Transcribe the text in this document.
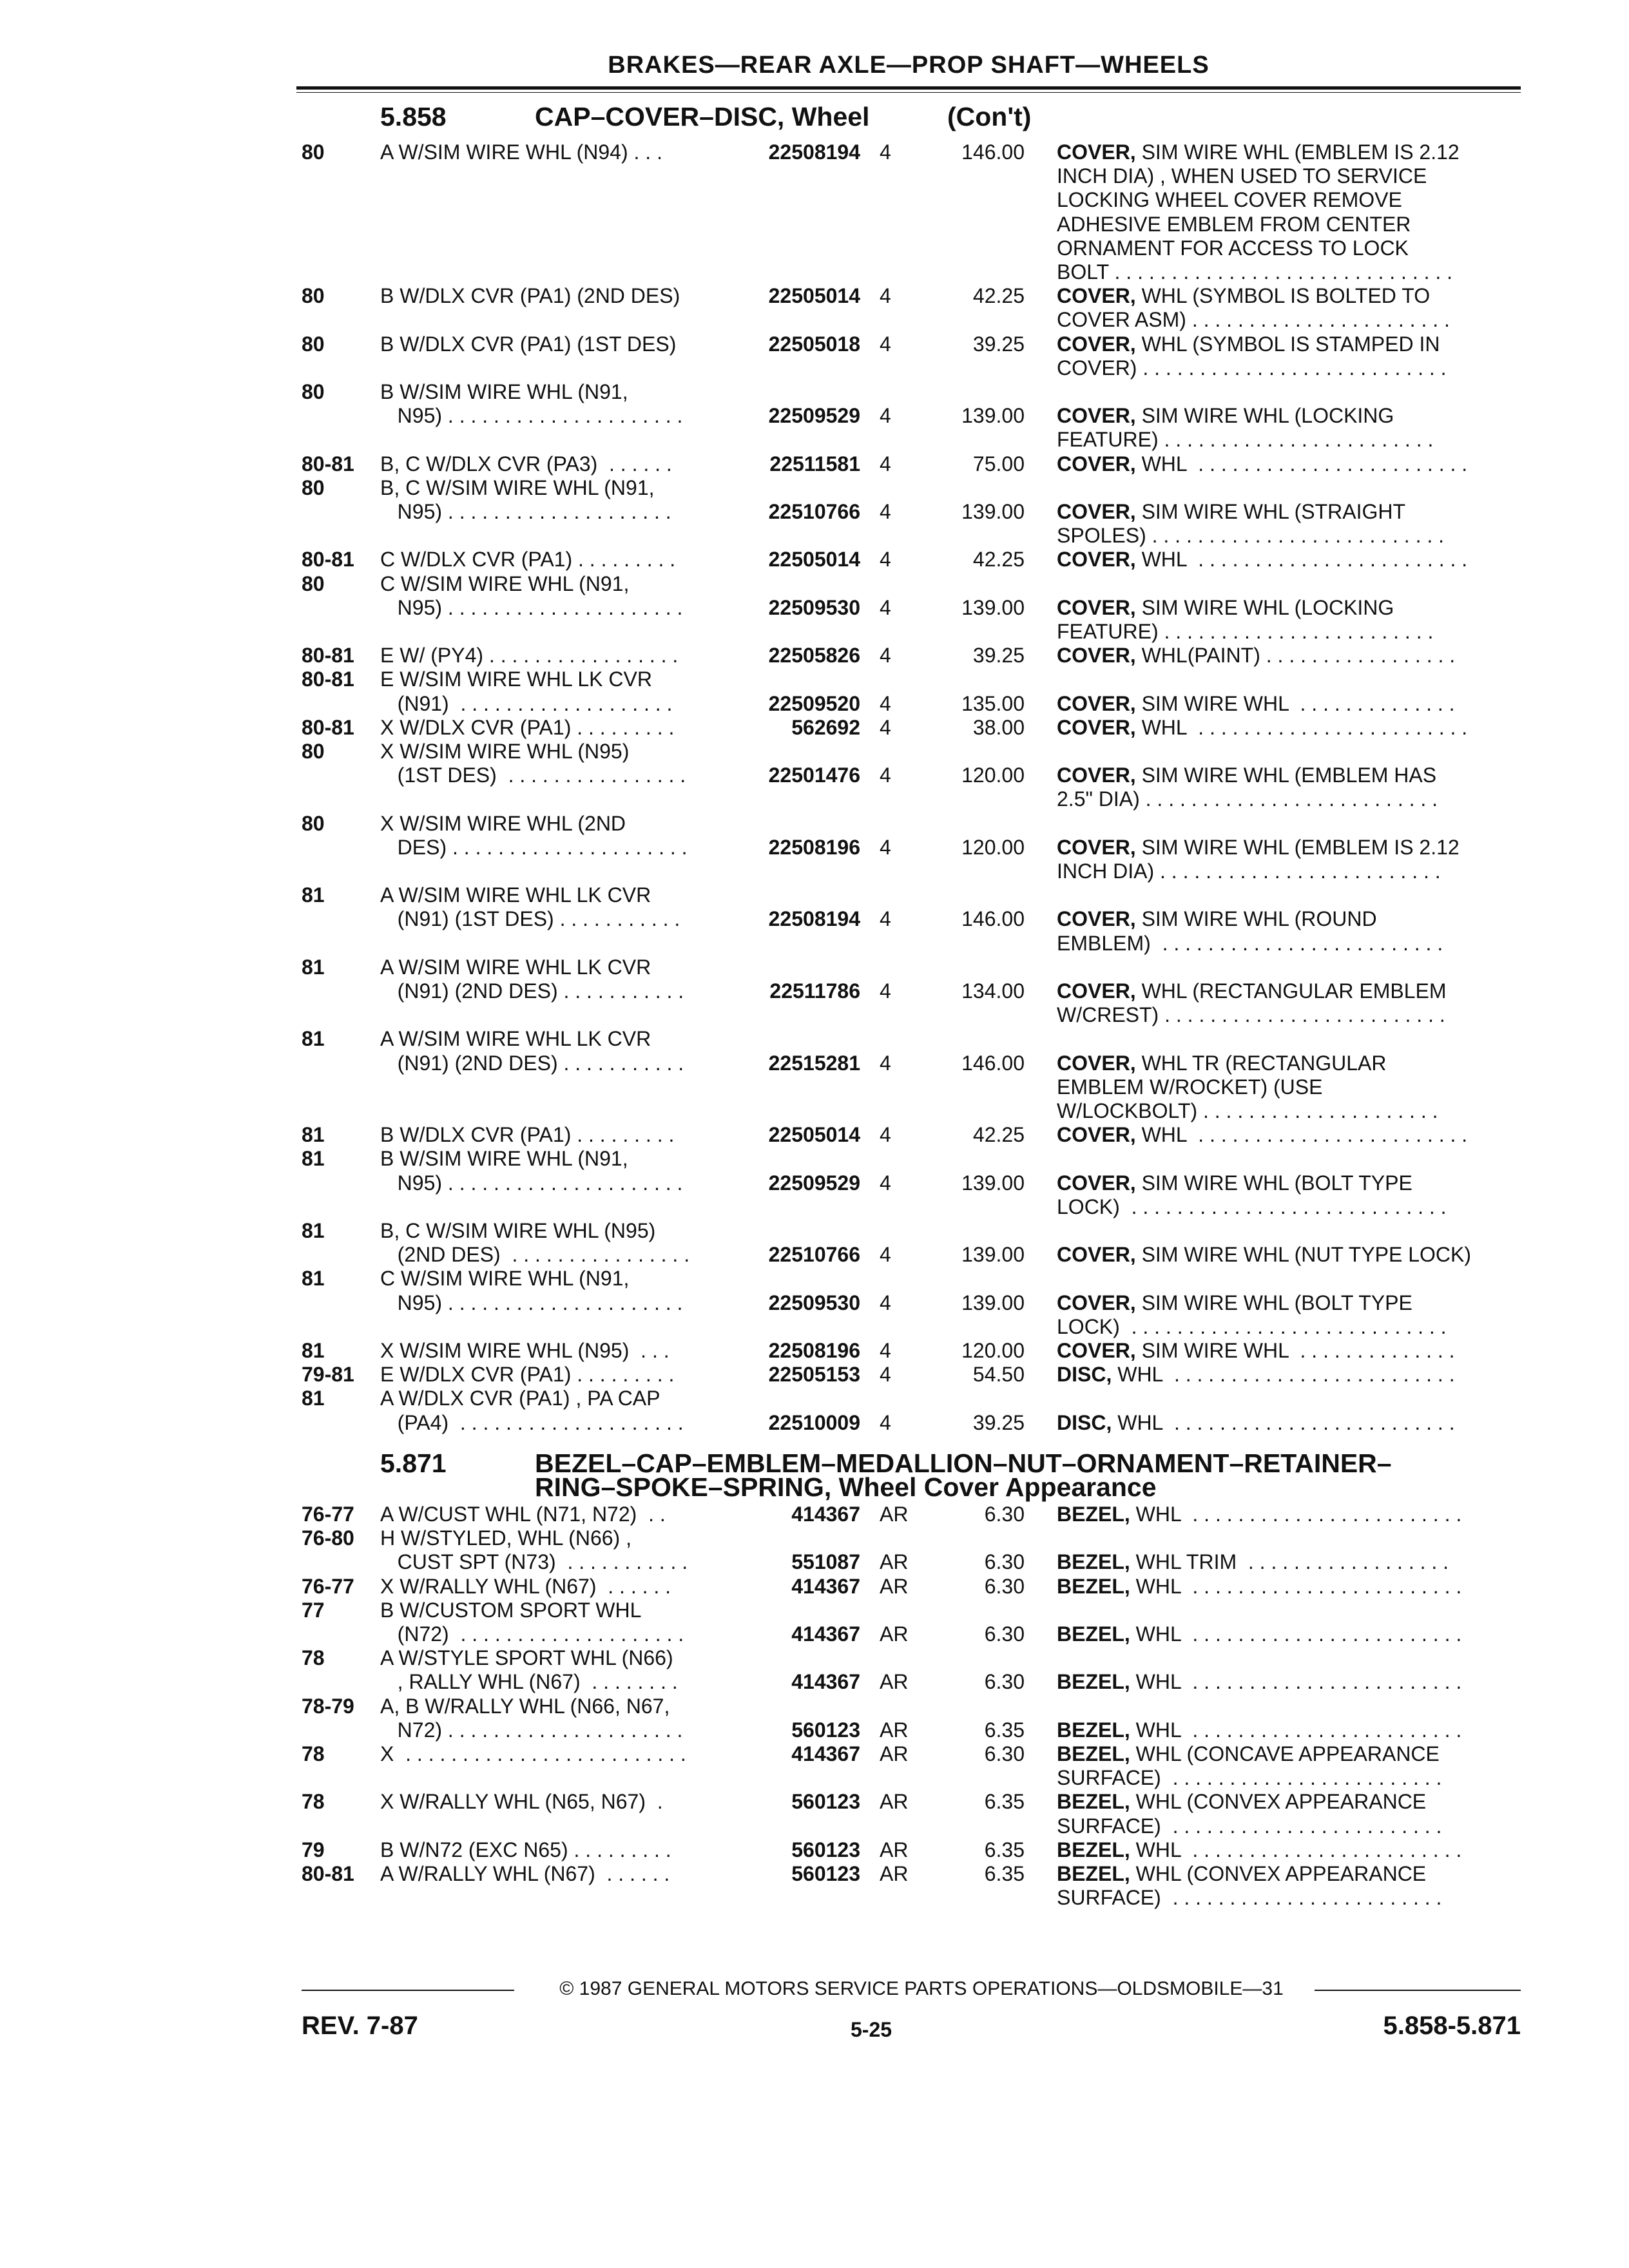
BRAKES—REAR AXLE—PROP SHAFT—WHEELS
5.858	CAP–COVER–DISC, Wheel	(Con't)
80	A W/SIM WIRE WHL (N94) . . .	22508194 4	146.00 COVER, SIM WIRE WHL (EMBLEM IS 2.12
INCH DIA) , WHEN USED TO SERVICE
LOCKING WHEEL COVER REMOVE
ADHESIVE EMBLEM FROM CENTER
ORNAMENT FOR ACCESS TO LOCK
BOLT . . . . . . . . . . . . . . . . . . . . . . . . . . . . . .
80	B W/DLX CVR (PA1) (2ND DES)	22505014 4	42.25 COVER, WHL (SYMBOL IS BOLTED TO
COVER ASM) . . . . . . . . . . . . . . . . . . . . . . .
80	B W/DLX CVR (PA1) (1ST DES)	22505018 4	39.25 COVER, WHL (SYMBOL IS STAMPED IN
COVER) . . . . . . . . . . . . . . . . . . . . . . . . . . .
80	B W/SIM WIRE WHL (N91,
N95) . . . . . . . . . . . . . . . . . . . . .	22509529 4	139.00 COVER, SIM WIRE WHL (LOCKING
FEATURE) . . . . . . . . . . . . . . . . . . . . . . . .
80-81 B, C W/DLX CVR (PA3)  . . . . . .	22511581 4	75.00 COVER, WHL  . . . . . . . . . . . . . . . . . . . . . . . .
80	B, C W/SIM WIRE WHL (N91,
N95) . . . . . . . . . . . . . . . . . . . .	22510766 4	139.00 COVER, SIM WIRE WHL (STRAIGHT
SPOLES) . . . . . . . . . . . . . . . . . . . . . . . . . .
80-81 C W/DLX CVR (PA1) . . . . . . . . .	22505014 4	42.25 COVER, WHL  . . . . . . . . . . . . . . . . . . . . . . . .
80	C W/SIM WIRE WHL (N91,
N95) . . . . . . . . . . . . . . . . . . . . .	22509530 4	139.00 COVER, SIM WIRE WHL (LOCKING
FEATURE) . . . . . . . . . . . . . . . . . . . . . . . .
80-81 E W/ (PY4) . . . . . . . . . . . . . . . . .	22505826 4	39.25 COVER, WHL(PAINT) . . . . . . . . . . . . . . . . .
80-81 E W/SIM WIRE WHL LK CVR
(N91)  . . . . . . . . . . . . . . . . . . .	22509520 4	135.00 COVER, SIM WIRE WHL  . . . . . . . . . . . . . .
80-81 X W/DLX CVR (PA1) . . . . . . . . .	562692 4	38.00 COVER, WHL  . . . . . . . . . . . . . . . . . . . . . . . .
80	X W/SIM WIRE WHL (N95)
(1ST DES)  . . . . . . . . . . . . . . . .	22501476 4	120.00 COVER, SIM WIRE WHL (EMBLEM HAS
2.5" DIA) . . . . . . . . . . . . . . . . . . . . . . . . . .
80	X W/SIM WIRE WHL (2ND
DES) . . . . . . . . . . . . . . . . . . . . .	22508196 4	120.00 COVER, SIM WIRE WHL (EMBLEM IS 2.12
INCH DIA) . . . . . . . . . . . . . . . . . . . . . . . . .
81	A W/SIM WIRE WHL LK CVR
(N91) (1ST DES) . . . . . . . . . . .	22508194 4	146.00 COVER, SIM WIRE WHL (ROUND
EMBLEM)  . . . . . . . . . . . . . . . . . . . . . . . . .
81	A W/SIM WIRE WHL LK CVR
(N91) (2ND DES) . . . . . . . . . . .	22511786 4	134.00 COVER, WHL (RECTANGULAR EMBLEM
W/CREST) . . . . . . . . . . . . . . . . . . . . . . . . .
81	A W/SIM WIRE WHL LK CVR
(N91) (2ND DES) . . . . . . . . . . .	22515281 4	146.00 COVER, WHL TR (RECTANGULAR
EMBLEM W/ROCKET) (USE
W/LOCKBOLT) . . . . . . . . . . . . . . . . . . . . .
81	B W/DLX CVR (PA1) . . . . . . . . .	22505014 4	42.25 COVER, WHL  . . . . . . . . . . . . . . . . . . . . . . . .
81	B W/SIM WIRE WHL (N91,
N95) . . . . . . . . . . . . . . . . . . . . .	22509529 4	139.00 COVER, SIM WIRE WHL (BOLT TYPE
LOCK)  . . . . . . . . . . . . . . . . . . . . . . . . . . . .
81	B, C W/SIM WIRE WHL (N95)
(2ND DES)  . . . . . . . . . . . . . . . .	22510766 4	139.00 COVER, SIM WIRE WHL (NUT TYPE LOCK)
81	C W/SIM WIRE WHL (N91,
N95) . . . . . . . . . . . . . . . . . . . . .	22509530 4	139.00 COVER, SIM WIRE WHL (BOLT TYPE
LOCK)  . . . . . . . . . . . . . . . . . . . . . . . . . . . .
81	X W/SIM WIRE WHL (N95)  . . .	22508196 4	120.00 COVER, SIM WIRE WHL  . . . . . . . . . . . . . .
79-81 E W/DLX CVR (PA1) . . . . . . . . .	22505153 4	54.50 DISC, WHL  . . . . . . . . . . . . . . . . . . . . . . . . .
81	A W/DLX CVR (PA1) , PA CAP
(PA4)  . . . . . . . . . . . . . . . . . . . .	22510009 4	39.25 DISC, WHL  . . . . . . . . . . . . . . . . . . . . . . . . .
5.871	BEZEL–CAP–EMBLEM–MEDALLION–NUT–ORNAMENT–RETAINER–
RING–SPOKE–SPRING, Wheel Cover Appearance
76-77 A W/CUST WHL (N71, N72)  . .	414367 AR	6.30 BEZEL, WHL  . . . . . . . . . . . . . . . . . . . . . . . .
76-80 H W/STYLED, WHL (N66) ,
CUST SPT (N73)  . . . . . . . . . . .	551087 AR	6.30 BEZEL, WHL TRIM  . . . . . . . . . . . . . . . . . .
76-77 X W/RALLY WHL (N67)  . . . . . .	414367 AR	6.30 BEZEL, WHL  . . . . . . . . . . . . . . . . . . . . . . . .
77	B W/CUSTOM SPORT WHL
(N72)  . . . . . . . . . . . . . . . . . . . .	414367 AR	6.30 BEZEL, WHL  . . . . . . . . . . . . . . . . . . . . . . . .
78	A W/STYLE SPORT WHL (N66)
, RALLY WHL (N67)  . . . . . . . .	414367 AR	6.30 BEZEL, WHL  . . . . . . . . . . . . . . . . . . . . . . . .
78-79 A, B W/RALLY WHL (N66, N67,
N72) . . . . . . . . . . . . . . . . . . . . .	560123 AR	6.35 BEZEL, WHL  . . . . . . . . . . . . . . . . . . . . . . . .
78	X  . . . . . . . . . . . . . . . . . . . . . . . . .	414367 AR	6.30 BEZEL, WHL (CONCAVE APPEARANCE
SURFACE)  . . . . . . . . . . . . . . . . . . . . . . . .
78	X W/RALLY WHL (N65, N67)  .	560123 AR	6.35 BEZEL, WHL (CONVEX APPEARANCE
SURFACE)  . . . . . . . . . . . . . . . . . . . . . . . .
79	B W/N72 (EXC N65) . . . . . . . . .	560123 AR	6.35 BEZEL, WHL  . . . . . . . . . . . . . . . . . . . . . . . .
80-81 A W/RALLY WHL (N67)  . . . . . .	560123 AR	6.35 BEZEL, WHL (CONVEX APPEARANCE
SURFACE)  . . . . . . . . . . . . . . . . . . . . . . . .
© 1987 GENERAL MOTORS SERVICE PARTS OPERATIONS—OLDSMOBILE—31
REV. 7-87	5-25	5.858-5.871
